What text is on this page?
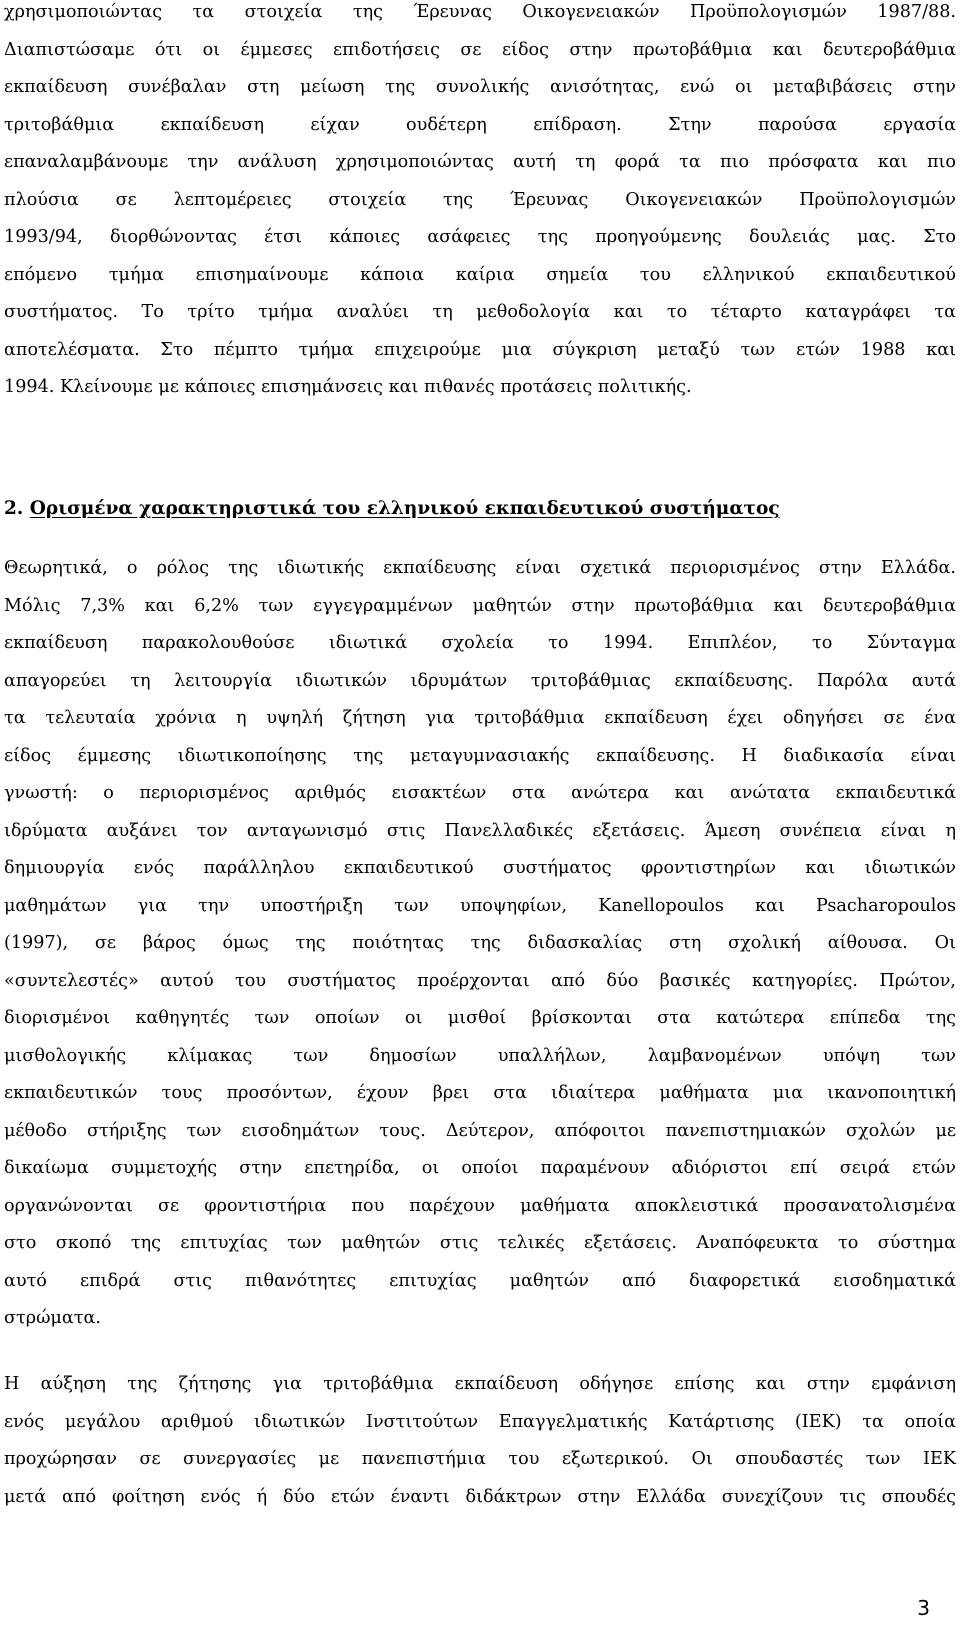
χρησιμοποιώντας τα στοιχεία της Έρευνας Οικογενειακών Προϋπολογισμών 1987/88.
Διαπιστώσαμε ότι οι έμμεσες επιδοτήσεις σε είδος στην πρωτοβάθμια και δευτεροβάθμια
εκπαίδευση συνέβαλαν στη μείωση της συνολικής ανισότητας, ενώ οι μεταβιβάσεις στην
τριτοβάθμια εκπαίδευση είχαν ουδέτερη επίδραση. Στην παρούσα εργασία
επαναλαμβάνουμε την ανάλυση χρησιμοποιώντας αυτή τη φορά τα πιο πρόσφατα και πιο
πλούσια σε λεπτομέρειες στοιχεία της Έρευνας Οικογενειακών Προϋπολογισμών
1993/94, διορθώνοντας έτσι κάποιες ασάφειες της προηγούμενης δουλειάς μας. Στο
επόμενο τμήμα επισημαίνουμε κάποια καίρια σημεία του ελληνικού εκπαιδευτικού
συστήματος. Το τρίτο τμήμα αναλύει τη μεθοδολογία και το τέταρτο καταγράφει τα
αποτελέσματα. Στο πέμπτο τμήμα επιχειρούμε μια σύγκριση μεταξύ των ετών 1988 και
1994. Κλείνουμε με κάποιες επισημάνσεις και πιθανές προτάσεις πολιτικής.
2. Ορισμένα χαρακτηριστικά του ελληνικού εκπαιδευτικού συστήματος
Θεωρητικά, ο ρόλος της ιδιωτικής εκπαίδευσης είναι σχετικά περιορισμένος στην Ελλάδα.
Μόλις 7,3% και 6,2% των εγγεγραμμένων μαθητών στην πρωτοβάθμια και δευτεροβάθμια
εκπαίδευση παρακολουθούσε ιδιωτικά σχολεία το 1994. Επιπλέον, το Σύνταγμα
απαγορεύει τη λειτουργία ιδιωτικών ιδρυμάτων τριτοβάθμιας εκπαίδευσης. Παρόλα αυτά
τα τελευταία χρόνια η υψηλή ζήτηση για τριτοβάθμια εκπαίδευση έχει οδηγήσει σε ένα
είδος έμμεσης ιδιωτικοποίησης της μεταγυμνασιακής εκπαίδευσης. Η διαδικασία είναι
γνωστή: ο περιορισμένος αριθμός εισακτέων στα ανώτερα και ανώτατα εκπαιδευτικά
ιδρύματα αυξάνει τον ανταγωνισμό στις Πανελλαδικές εξετάσεις. Άμεση συνέπεια είναι η
δημιουργία ενός παράλληλου εκπαιδευτικού συστήματος φροντιστηρίων και ιδιωτικών
μαθημάτων για την υποστήριξη των υποψηφίων, Kanellopoulos και Psacharopoulos
(1997), σε βάρος όμως της ποιότητας της διδασκαλίας στη σχολική αίθουσα. Οι
«συντελεστές» αυτού του συστήματος προέρχονται από δύο βασικές κατηγορίες. Πρώτον,
διορισμένοι καθηγητές των οποίων οι μισθοί βρίσκονται στα κατώτερα επίπεδα της
μισθολογικής κλίμακας των δημοσίων υπαλλήλων, λαμβανομένων υπόψη των
εκπαιδευτικών τους προσόντων, έχουν βρει στα ιδιαίτερα μαθήματα μια ικανοποιητική
μέθοδο στήριξης των εισοδημάτων τους. Δεύτερον, απόφοιτοι πανεπιστημιακών σχολών με
δικαίωμα συμμετοχής στην επετηρίδα, οι οποίοι παραμένουν αδιόριστοι επί σειρά ετών
οργανώνονται σε φροντιστήρια που παρέχουν μαθήματα αποκλειστικά προσανατολισμένα
στο σκοπό της επιτυχίας των μαθητών στις τελικές εξετάσεις. Αναπόφευκτα το σύστημα
αυτό επιδρά στις πιθανότητες επιτυχίας μαθητών από διαφορετικά εισοδηματικά
στρώματα.
Η αύξηση της ζήτησης για τριτοβάθμια εκπαίδευση οδήγησε επίσης και στην εμφάνιση
ενός μεγάλου αριθμού ιδιωτικών Ινστιτούτων Επαγγελματικής Κατάρτισης (ΙΕΚ) τα οποία
προχώρησαν σε συνεργασίες με πανεπιστήμια του εξωτερικού. Οι σπουδαστές των ΙΕΚ
μετά από φοίτηση ενός ή δύο ετών έναντι διδάκτρων στην Ελλάδα συνεχίζουν τις σπουδές
3
